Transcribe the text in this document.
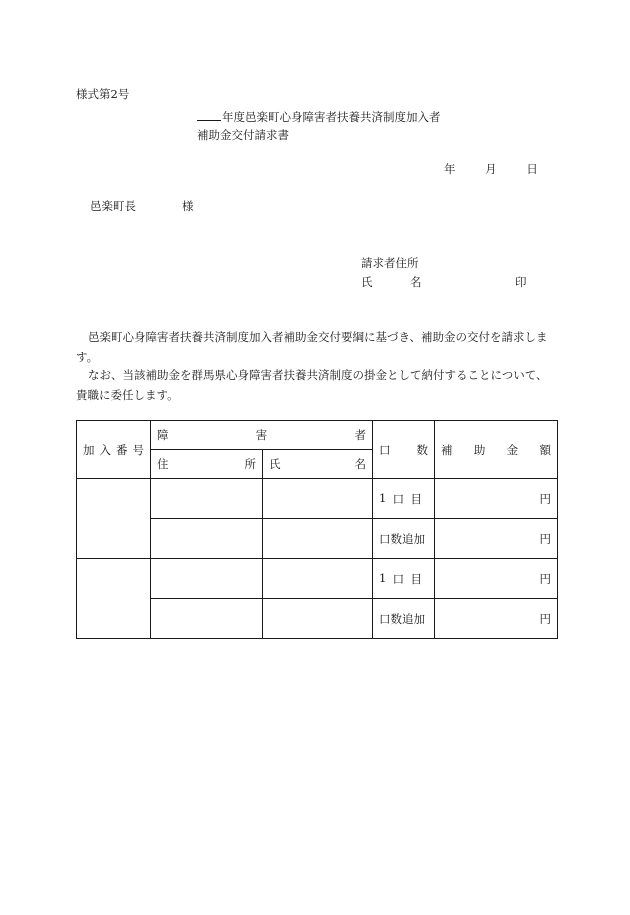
様式第2号
年度邑楽町心身障害者扶養共済制度加入者
補助金交付請求書
年	月	日
邑楽町長	様
請求者住所
氏	名	印
邑楽町心身障害者扶養共済制度加入者補助金交付要綱に基づき、補助金の交付を請求します。
なお、当該補助金を群馬県心身障害者扶養共済制度の掛金として納付することについて、貴職に委任します。
加 入 番 号	障 害 者		口 数	補 助 金 額

	住 所	氏 名		

			1 口 目	円
			口数追加	円

			1 口 目	円
			口数追加	円
